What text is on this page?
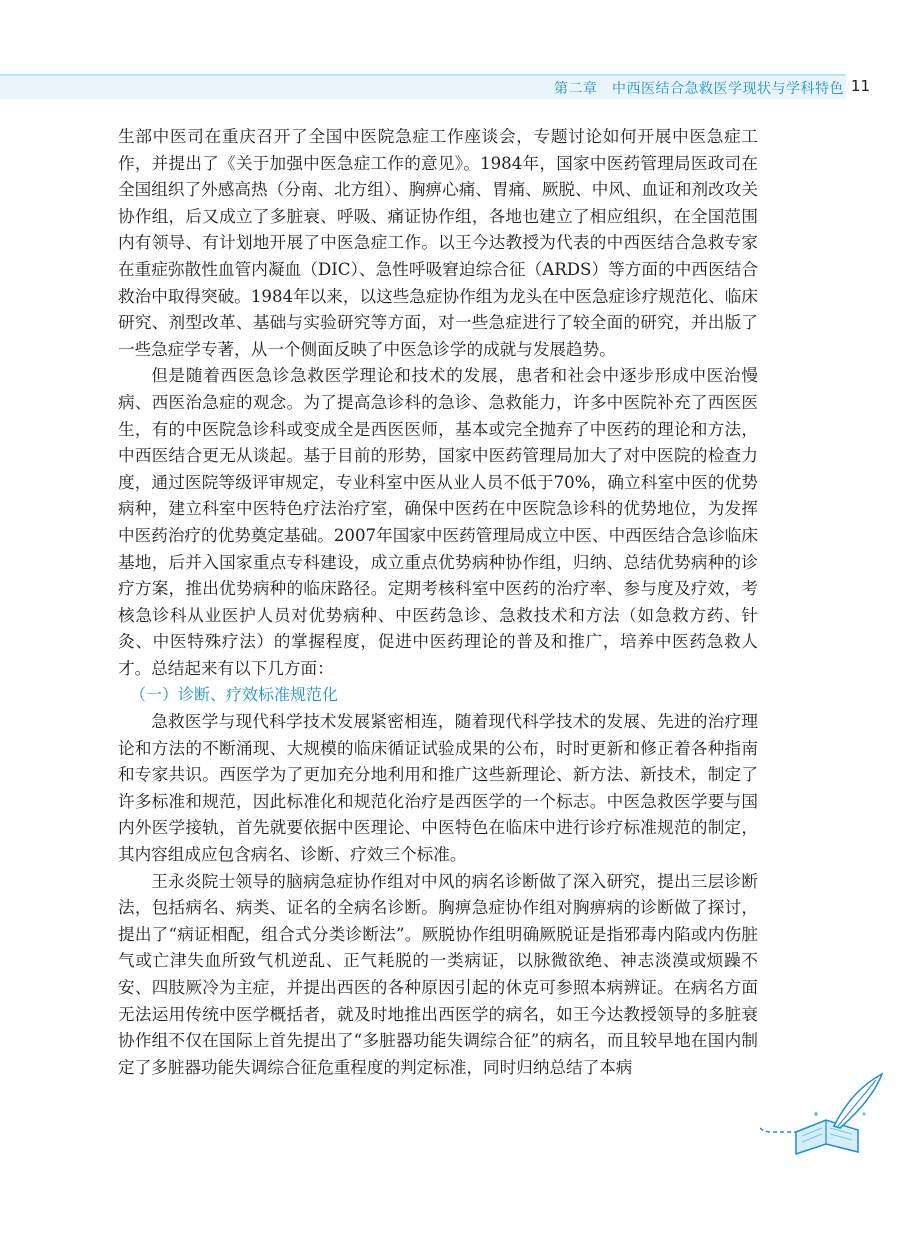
第二章　中西医结合急救医学现状与学科特色 11

生部中医司在重庆召开了全国中医院急症工作座谈会，专题讨论如何开展中医急症工作，并提出了《关于加强中医急症工作的意见》。1984年，国家中医药管理局医政司在全国组织了外感高热（分南、北方组）、胸痹心痛、胃痛、厥脱、中风、血证和剂改攻关协作组，后又成立了多脏衰、呼吸、痛证协作组，各地也建立了相应组织，在全国范围内有领导、有计划地开展了中医急症工作。以王今达教授为代表的中西医结合急救专家在重症弥散性血管内凝血（DIC）、急性呼吸窘迫综合征（ARDS）等方面的中西医结合救治中取得突破。1984年以来，以这些急症协作组为龙头在中医急症诊疗规范化、临床研究、剂型改革、基础与实验研究等方面，对一些急症进行了较全面的研究，并出版了一些急症学专著，从一个侧面反映了中医急诊学的成就与发展趋势。

但是随着西医急诊急救医学理论和技术的发展，患者和社会中逐步形成中医治慢病、西医治急症的观念。为了提高急诊科的急诊、急救能力，许多中医院补充了西医医生，有的中医院急诊科或变成全是西医医师，基本或完全抛弃了中医药的理论和方法，中西医结合更无从谈起。基于目前的形势，国家中医药管理局加大了对中医院的检查力度，通过医院等级评审规定，专业科室中医从业人员不低于70%，确立科室中医的优势病种，建立科室中医特色疗法治疗室，确保中医药在中医院急诊科的优势地位，为发挥中医药治疗的优势奠定基础。2007年国家中医药管理局成立中医、中西医结合急诊临床基地，后并入国家重点专科建设，成立重点优势病种协作组，归纳、总结优势病种的诊疗方案，推出优势病种的临床路径。定期考核科室中医药的治疗率、参与度及疗效，考核急诊科从业医护人员对优势病种、中医药急诊、急救技术和方法（如急救方药、针灸、中医特殊疗法）的掌握程度，促进中医药理论的普及和推广，培养中医药急救人才。总结起来有以下几方面：

（一）诊断、疗效标准规范化

急救医学与现代科学技术发展紧密相连，随着现代科学技术的发展、先进的治疗理论和方法的不断涌现、大规模的临床循证试验成果的公布，时时更新和修正着各种指南和专家共识。西医学为了更加充分地利用和推广这些新理论、新方法、新技术，制定了许多标准和规范，因此标准化和规范化治疗是西医学的一个标志。中医急救医学要与国内外医学接轨，首先就要依据中医理论、中医特色在临床中进行诊疗标准规范的制定，其内容组成应包含病名、诊断、疗效三个标准。

王永炎院士领导的脑病急症协作组对中风的病名诊断做了深入研究，提出三层诊断法，包括病名、病类、证名的全病名诊断。胸痹急症协作组对胸痹病的诊断做了探讨，提出了“病证相配，组合式分类诊断法”。厥脱协作组明确厥脱证是指邪毒内陷或内伤脏气或亡津失血所致气机逆乱、正气耗脱的一类病证，以脉微欲绝、神志淡漠或烦躁不安、四肢厥冷为主症，并提出西医的各种原因引起的休克可参照本病辨证。在病名方面无法运用传统中医学概括者，就及时地推出西医学的病名，如王今达教授领导的多脏衰协作组不仅在国际上首先提出了“多脏器功能失调综合征”的病名，而且较早地在国内制定了多脏器功能失调综合征危重程度的判定标准，同时归纳总结了本病
